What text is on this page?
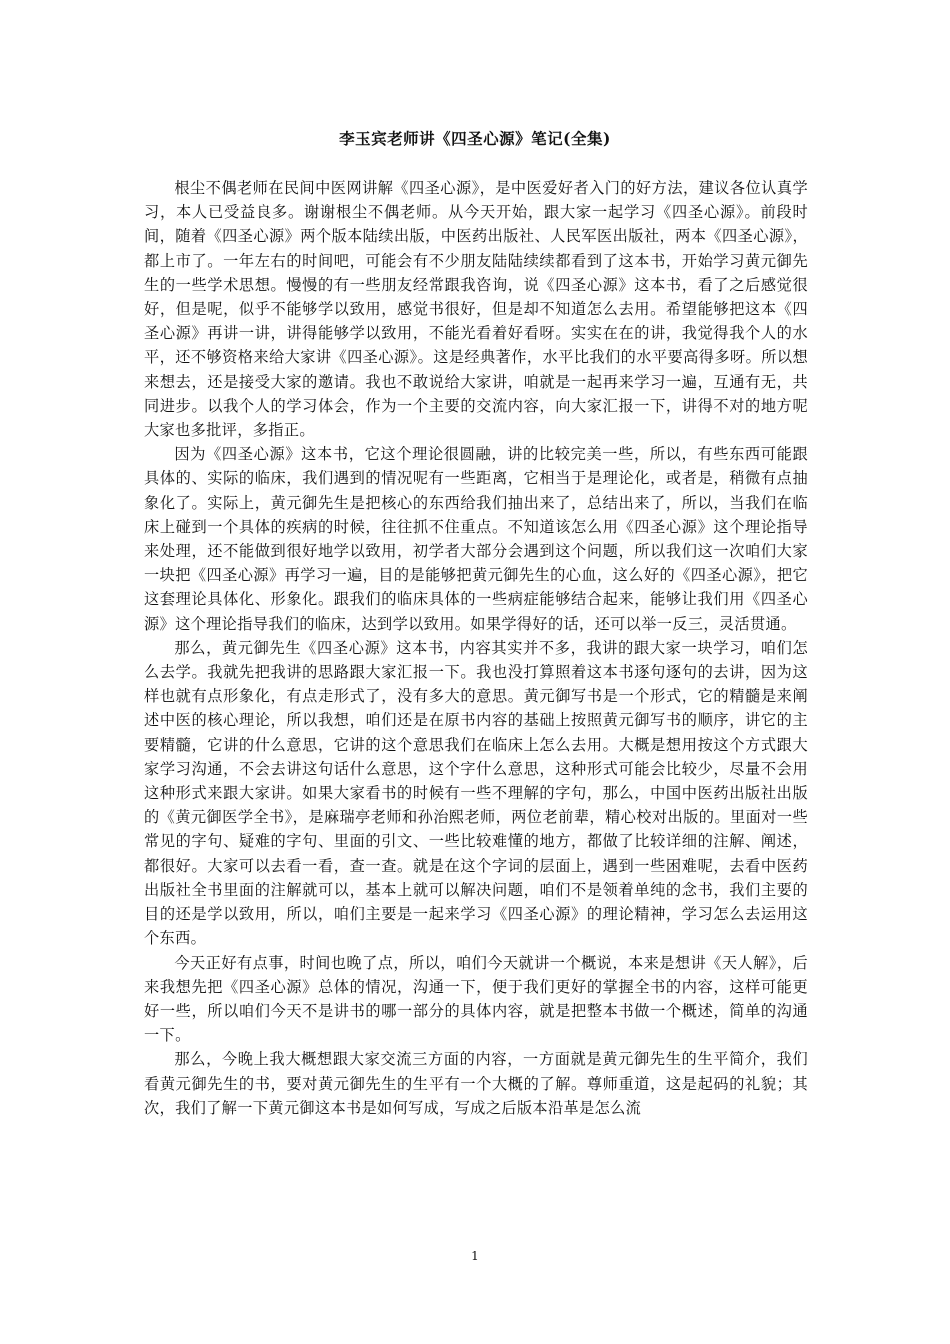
李玉宾老师讲《四圣心源》笔记(全集)

根尘不偶老师在民间中医网讲解《四圣心源》，是中医爱好者入门的好方法，建议各位认真学习，本人已受益良多。谢谢根尘不偶老师。从今天开始，跟大家一起学习《四圣心源》。前段时间，随着《四圣心源》两个版本陆续出版，中医药出版社、人民军医出版社，两本《四圣心源》，都上市了。一年左右的时间吧，可能会有不少朋友陆陆续续都看到了这本书，开始学习黄元御先生的一些学术思想。慢慢的有一些朋友经常跟我咨询，说《四圣心源》这本书，看了之后感觉很好，但是呢，似乎不能够学以致用，感觉书很好，但是却不知道怎么去用。希望能够把这本《四圣心源》再讲一讲，讲得能够学以致用，不能光看着好看呀。实实在在的讲，我觉得我个人的水平，还不够资格来给大家讲《四圣心源》。这是经典著作，水平比我们的水平要高得多呀。所以想来想去，还是接受大家的邀请。我也不敢说给大家讲，咱就是一起再来学习一遍，互通有无，共同进步。以我个人的学习体会，作为一个主要的交流内容，向大家汇报一下，讲得不对的地方呢大家也多批评，多指正。

因为《四圣心源》这本书，它这个理论很圆融，讲的比较完美一些，所以，有些东西可能跟具体的、实际的临床，我们遇到的情况呢有一些距离，它相当于是理论化，或者是，稍微有点抽象化了。实际上，黄元御先生是把核心的东西给我们抽出来了，总结出来了，所以，当我们在临床上碰到一个具体的疾病的时候，往往抓不住重点。不知道该怎么用《四圣心源》这个理论指导来处理，还不能做到很好地学以致用，初学者大部分会遇到这个问题，所以我们这一次咱们大家一块把《四圣心源》再学习一遍，目的是能够把黄元御先生的心血，这么好的《四圣心源》，把它这套理论具体化、形象化。跟我们的临床具体的一些病症能够结合起来，能够让我们用《四圣心源》这个理论指导我们的临床，达到学以致用。如果学得好的话，还可以举一反三，灵活贯通。

那么，黄元御先生《四圣心源》这本书，内容其实并不多，我讲的跟大家一块学习，咱们怎么去学。我就先把我讲的思路跟大家汇报一下。我也没打算照着这本书逐句逐句的去讲，因为这样也就有点形象化，有点走形式了，没有多大的意思。黄元御写书是一个形式，它的精髓是来阐述中医的核心理论，所以我想，咱们还是在原书内容的基础上按照黄元御写书的顺序，讲它的主要精髓，它讲的什么意思，它讲的这个意思我们在临床上怎么去用。大概是想用按这个方式跟大家学习沟通，不会去讲这句话什么意思，这个字什么意思，这种形式可能会比较少，尽量不会用这种形式来跟大家讲。如果大家看书的时候有一些不理解的字句，那么，中国中医药出版社出版的《黄元御医学全书》，是麻瑞亭老师和孙治熙老师，两位老前辈，精心校对出版的。里面对一些常见的字句、疑难的字句、里面的引文、一些比较难懂的地方，都做了比较详细的注解、阐述，都很好。大家可以去看一看，查一查。就是在这个字词的层面上，遇到一些困难呢，去看中医药出版社全书里面的注解就可以，基本上就可以解决问题，咱们不是领着单纯的念书，我们主要的目的还是学以致用，所以，咱们主要是一起来学习《四圣心源》的理论精神，学习怎么去运用这个东西。

今天正好有点事，时间也晚了点，所以，咱们今天就讲一个概说，本来是想讲《天人解》，后来我想先把《四圣心源》总体的情况，沟通一下，便于我们更好的掌握全书的内容，这样可能更好一些，所以咱们今天不是讲书的哪一部分的具体内容，就是把整本书做一个概述，简单的沟通一下。

那么，今晚上我大概想跟大家交流三方面的内容，一方面就是黄元御先生的生平简介，我们看黄元御先生的书，要对黄元御先生的生平有一个大概的了解。尊师重道，这是起码的礼貌；其次，我们了解一下黄元御这本书是如何写成，写成之后版本沿革是怎么流

1
